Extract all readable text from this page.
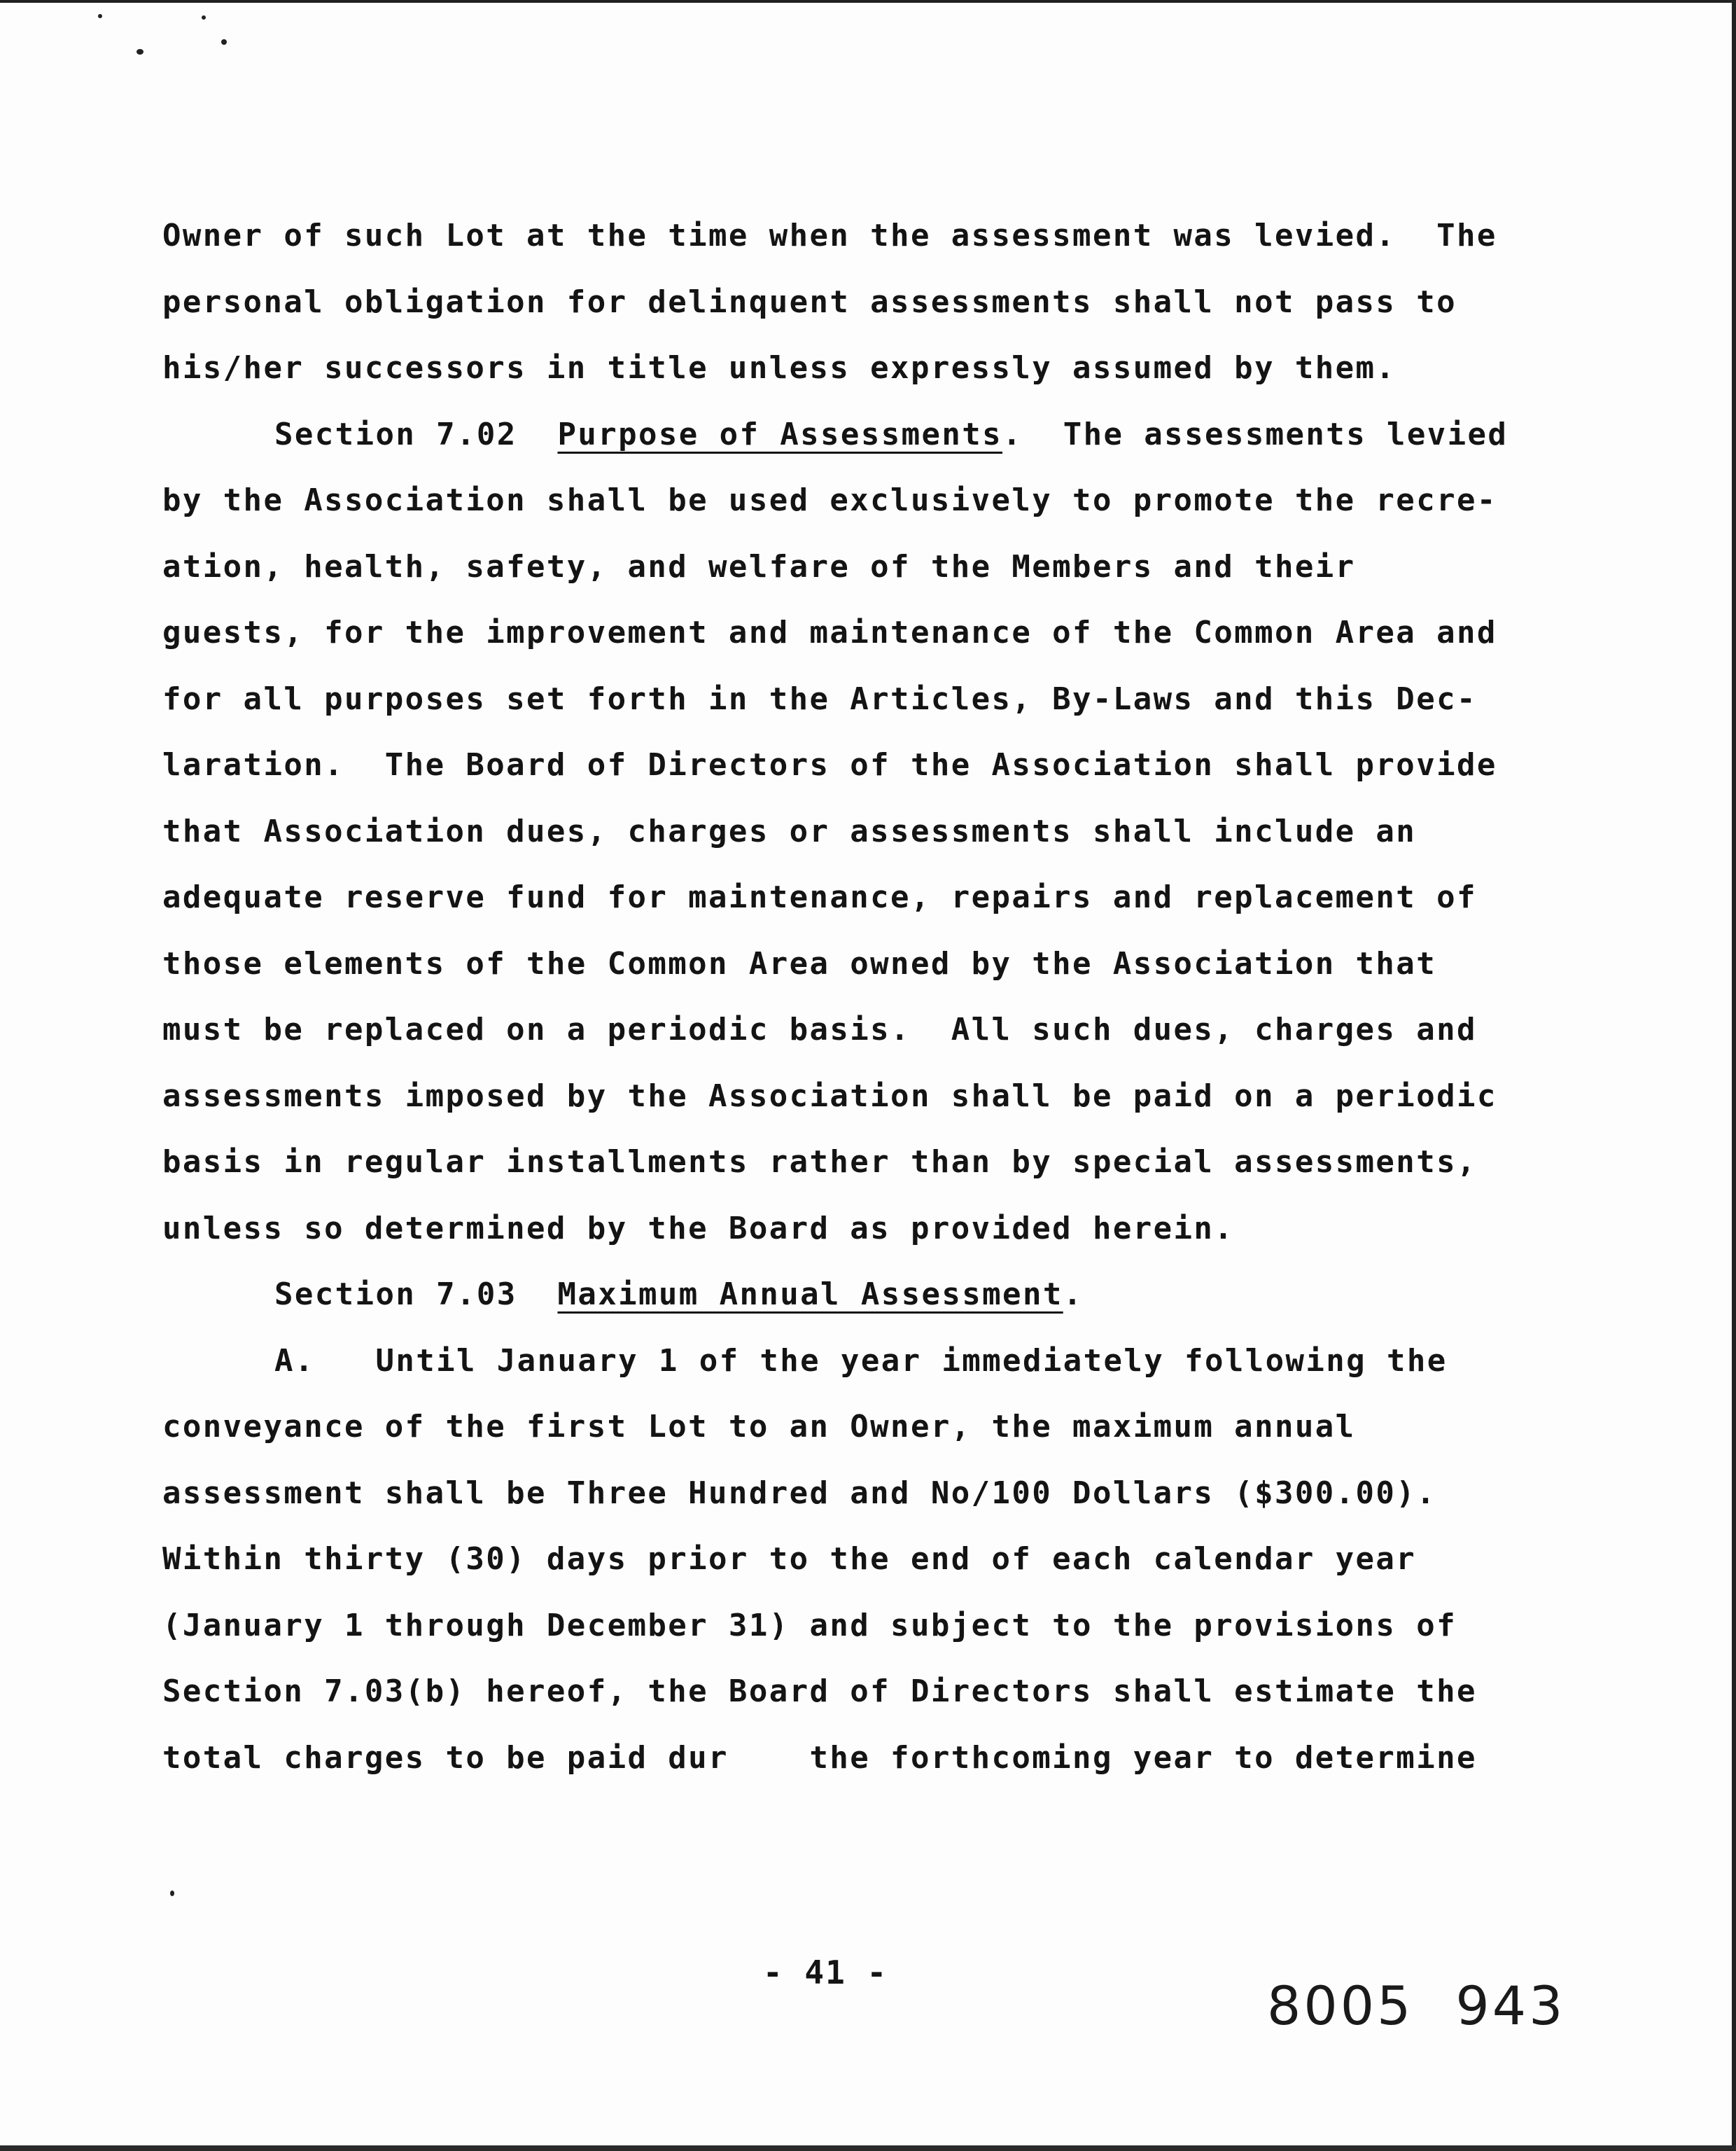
Owner of such Lot at the time when the assessment was levied.  The
personal obligation for delinquent assessments shall not pass to
his/her successors in title unless expressly assumed by them.
Section 7.02 Purpose of Assessments.  The assessments levied
by the Association shall be used exclusively to promote the recre-
ation, health, safety, and welfare of the Members and their
guests, for the improvement and maintenance of the Common Area and
for all purposes set forth in the Articles, By-Laws and this Dec-
laration.  The Board of Directors of the Association shall provide
that Association dues, charges or assessments shall include an
adequate reserve fund for maintenance, repairs and replacement of
those elements of the Common Area owned by the Association that
must be replaced on a periodic basis.  All such dues, charges and
assessments imposed by the Association shall be paid on a periodic
basis in regular installments rather than by special assessments,
unless so determined by the Board as provided herein.
Section 7.03 Maximum Annual Assessment.
A.   Until January 1 of the year immediately following the
conveyance of the first Lot to an Owner, the maximum annual
assessment shall be Three Hundred and No/100 Dollars ($300.00).
Within thirty (30) days prior to the end of each calendar year
(January 1 through December 31) and subject to the provisions of
Section 7.03(b) hereof, the Board of Directors shall estimate the
total charges to be paid dur    the forthcoming year to determine
- 41 -
8005 943
